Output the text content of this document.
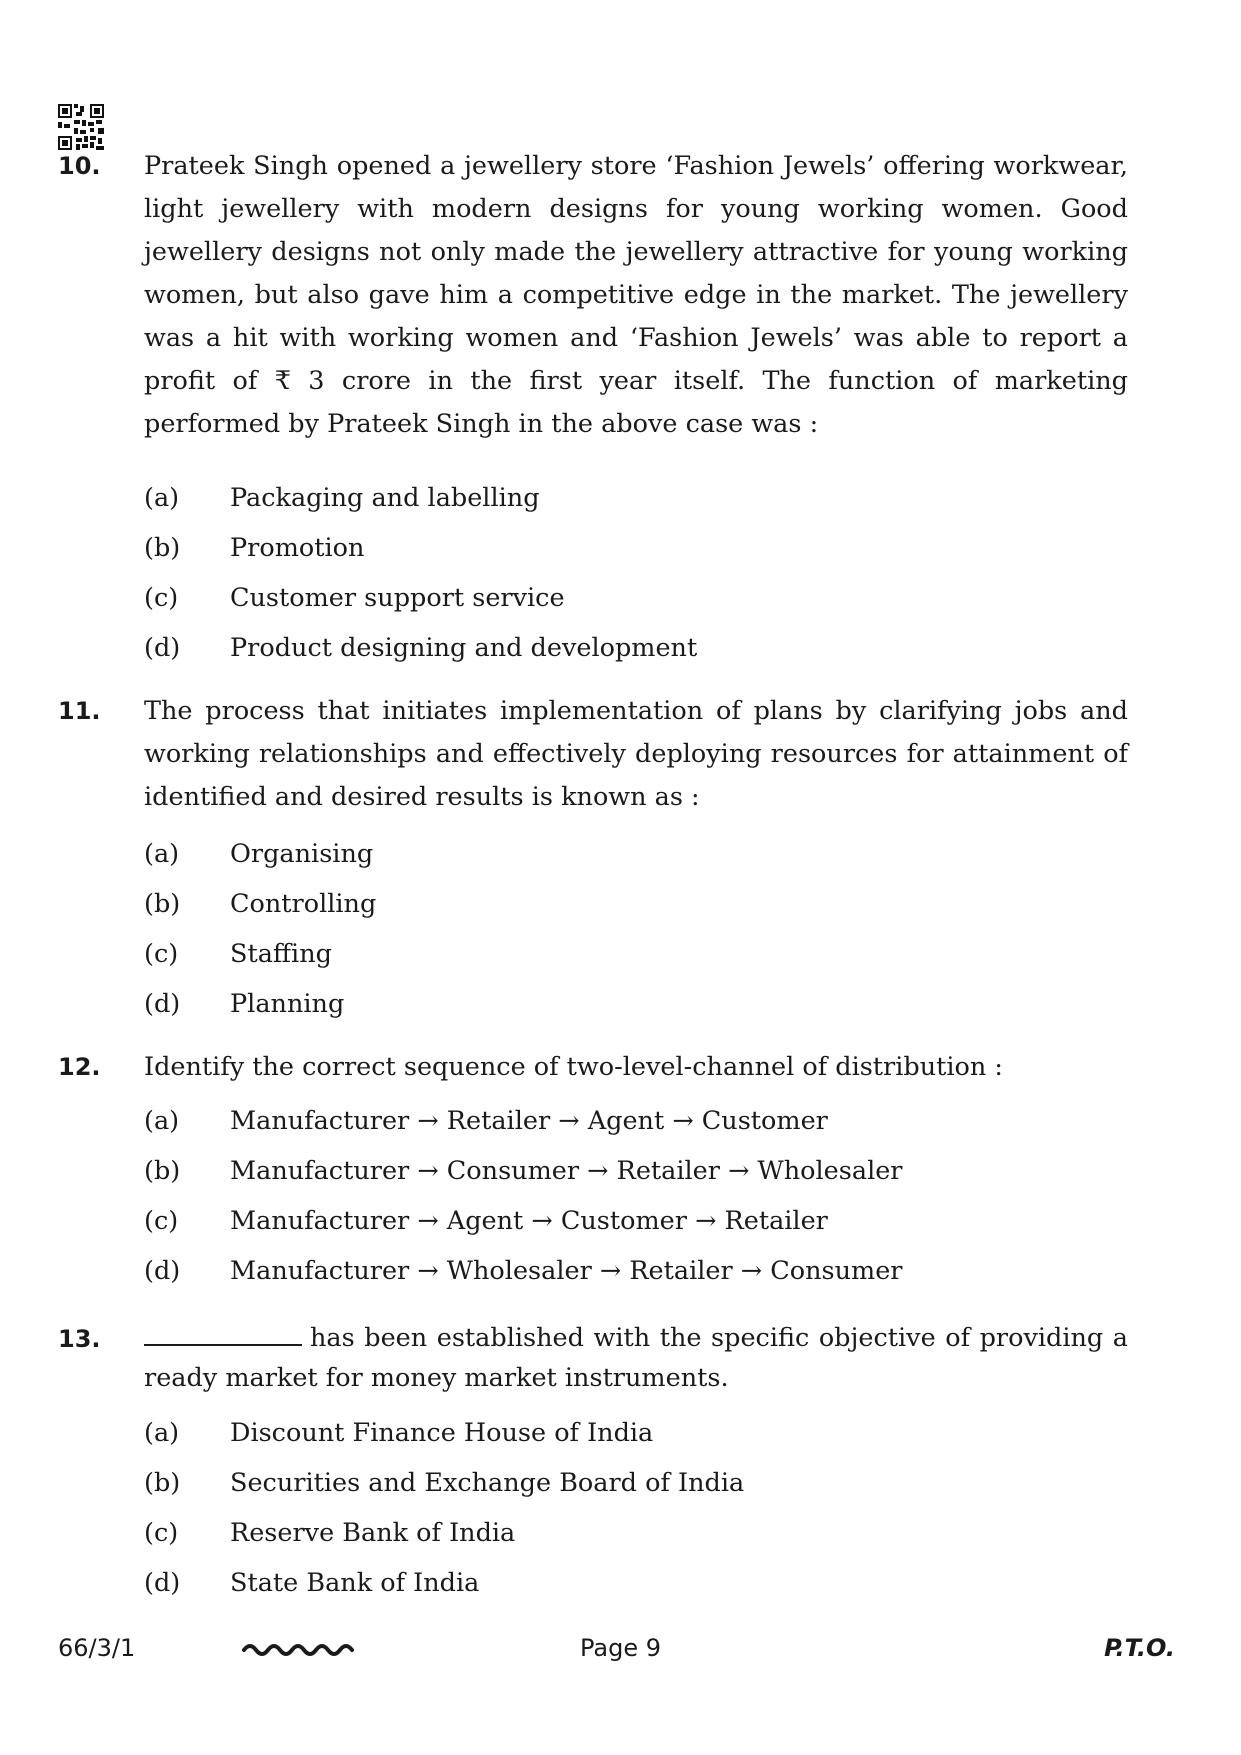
10. Prateek Singh opened a jewellery store ‘Fashion Jewels’ offering workwear, light jewellery with modern designs for young working women. Good jewellery designs not only made the jewellery attractive for young working women, but also gave him a competitive edge in the market. The jewellery was a hit with working women and ‘Fashion Jewels’ was able to report a profit of ₹ 3 crore in the first year itself. The function of marketing performed by Prateek Singh in the above case was :
(a) Packaging and labelling
(b) Promotion
(c) Customer support service
(d) Product designing and development
11. The process that initiates implementation of plans by clarifying jobs and working relationships and effectively deploying resources for attainment of identified and desired results is known as :
(a) Organising
(b) Controlling
(c) Staffing
(d) Planning
12. Identify the correct sequence of two-level-channel of distribution :
(a) Manufacturer → Retailer → Agent → Customer
(b) Manufacturer → Consumer → Retailer → Wholesaler
(c) Manufacturer → Agent → Customer → Retailer
(d) Manufacturer → Wholesaler → Retailer → Consumer
13.	has been established with the specific objective of providing a ready market for money market instruments.
(a) Discount Finance House of India
(b) Securities and Exchange Board of India
(c) Reserve Bank of India
(d) State Bank of India
66/3/1	Page 9	P.T.O.
